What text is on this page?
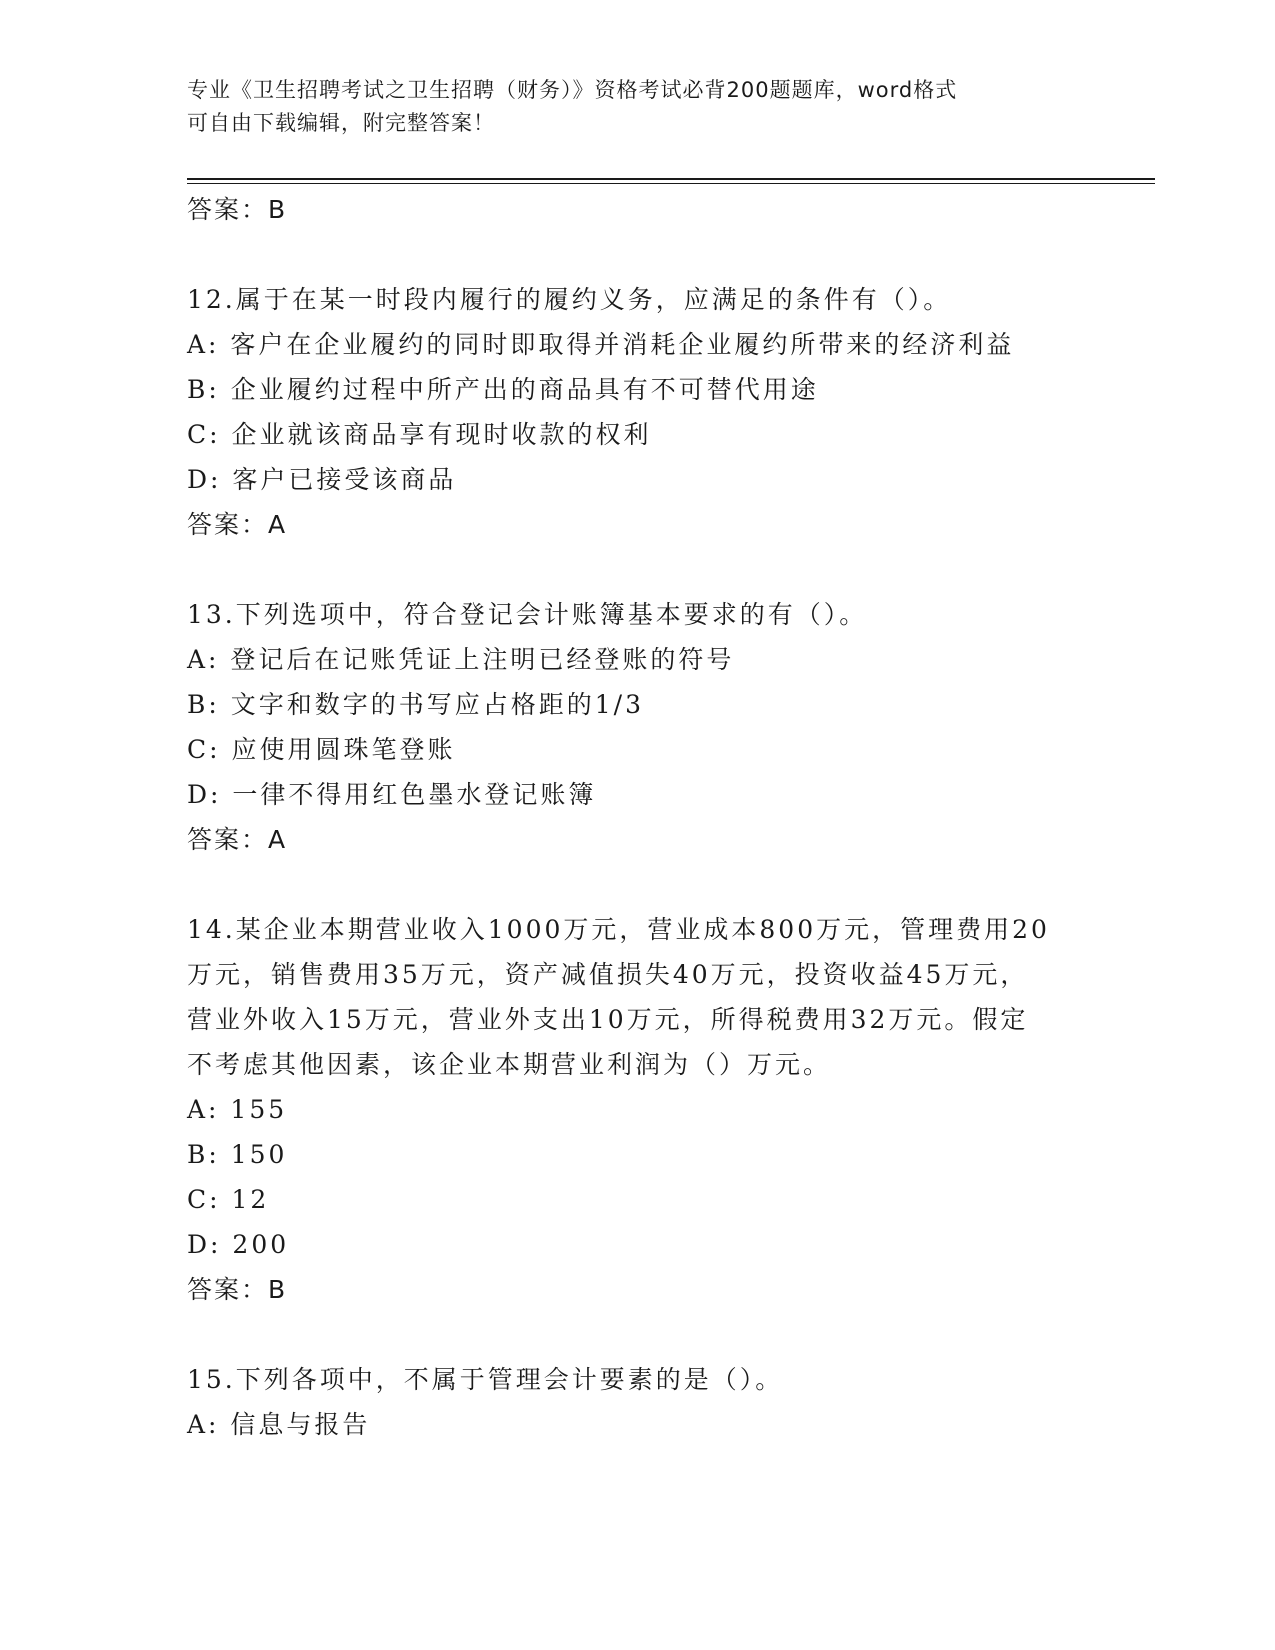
专业《卫生招聘考试之卫生招聘（财务）》资格考试必背200题题库，word格式
可自由下载编辑，附完整答案！
答案：B
12.属于在某一时段内履行的履约义务，应满足的条件有（）。
A: 客户在企业履约的同时即取得并消耗企业履约所带来的经济利益
B: 企业履约过程中所产出的商品具有不可替代用途
C: 企业就该商品享有现时收款的权利
D: 客户已接受该商品
答案：A
13.下列选项中，符合登记会计账簿基本要求的有（）。
A: 登记后在记账凭证上注明已经登账的符号
B: 文字和数字的书写应占格距的1/3
C: 应使用圆珠笔登账
D: 一律不得用红色墨水登记账簿
答案：A
14.某企业本期营业收入1000万元，营业成本800万元，管理费用20
万元，销售费用35万元，资产减值损失40万元，投资收益45万元，
营业外收入15万元，营业外支出10万元，所得税费用32万元。假定
不考虑其他因素，该企业本期营业利润为（）万元。
A: 155
B: 150
C: 12
D: 200
答案：B
15.下列各项中，不属于管理会计要素的是（）。
A: 信息与报告
